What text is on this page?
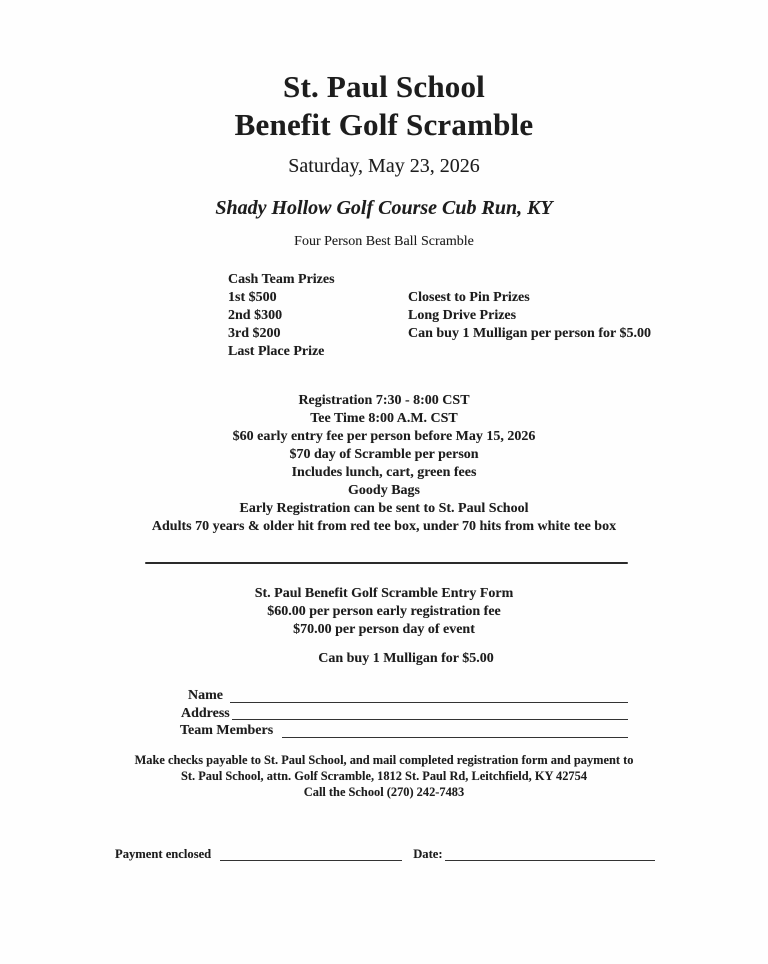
St. Paul School
Benefit Golf Scramble
Saturday, May 23, 2026
Shady Hollow Golf Course Cub Run, KY
Four Person Best Ball Scramble
Cash Team Prizes
1st $500
2nd $300
3rd $200
Last Place Prize
Closest to Pin Prizes
Long Drive Prizes
Can buy 1 Mulligan per person for $5.00
Registration 7:30 - 8:00 CST
Tee Time 8:00 A.M. CST
$60 early entry fee per person before May 15, 2026
$70 day of Scramble per person
Includes lunch, cart, green fees
Goody Bags
Early Registration can be sent to St. Paul School
Adults 70 years & older hit from red tee box, under 70 hits from white tee box
St. Paul Benefit Golf Scramble Entry Form
$60.00 per person early registration fee
$70.00 per person day of event
Can buy 1 Mulligan for $5.00
Name
Address
Team Members
Make checks payable to St. Paul School, and mail completed registration form and payment to
St. Paul School, attn. Golf Scramble, 1812 St. Paul Rd, Leitchfield, KY 42754
Call the School (270) 242-7483
Payment enclosed	Date:
